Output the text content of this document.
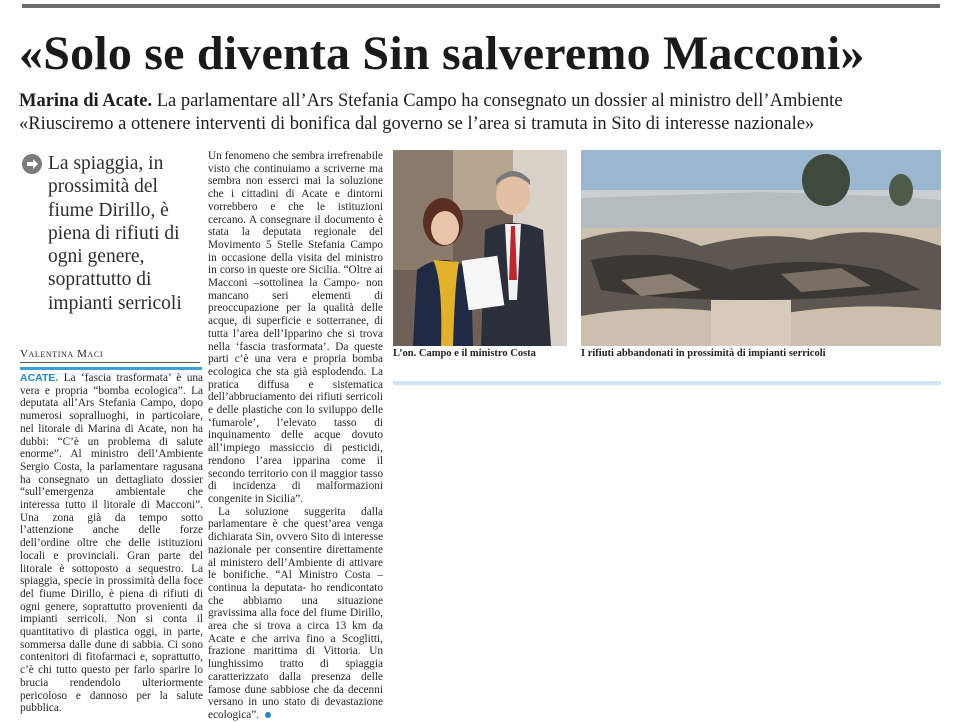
«Solo se diventa Sin salveremo Macconi»
Marina di Acate. La parlamentare all’Ars Stefania Campo ha consegnato un dossier al ministro dell’Ambiente
«Riusciremo a ottenere interventi di bonifica dal governo se l’area si tramuta in Sito di interesse nazionale»
La spiaggia, in prossimità del fiume Dirillo, è piena di rifiuti di ogni genere, soprattutto di impianti serricoli
Valentina Maci

ACATE. La ‘fascia trasformata’ è una vera e propria “bomba ecologica”. La deputata all’Ars Stefania Campo, dopo numerosi sopralluoghi, in particolare, nel litorale di Marina di Acate, non ha dubbi: “C’è un problema di salute enorme”. Al ministro dell’Ambiente Sergio Costa, la parlamentare ragusana ha consegnato un dettagliato dossier “sull’emergenza ambientale che interessa tutto il litorale di Macconi”. Una zona già da tempo sotto l’attenzione anche delle forze dell’ordine oltre che delle istituzioni locali e provinciali. Gran parte del litorale è sottoposto a sequestro. La spiaggia, specie in prossimità della foce del fiume Dirillo, è piena di rifiuti di ogni genere, soprattutto provenienti da impianti serricoli. Non si conta il quantitativo di plastica oggi, in parte, sommersa dalle dune di sabbia. Ci sono contenitori di fitofarmaci e, soprattutto, c’è chi tutto questo per farlo sparire lo brucia rendendolo ulteriormente pericoloso e dannoso per la salute pubblica.

Un fenomeno che sembra irrefrenabile visto che continuiamo a scriverne ma sembra non esserci mai la soluzione che i cittadini di Acate e dintorni vorrebbero e che le istituzioni cercano. A consegnare il documento è stata la deputata regionale del Movimento 5 Stelle Stefania Campo in occasione della visita del ministro in corso in queste ore Sicilia. “Oltre ai Macconi –sottolinea la Campo- non mancano seri elementi di preoccupazione per la qualità delle acque, di superficie e sotterranee, di tutta l’area dell’Ipparino che si trova nella ‘fascia trasformata’. Da queste parti c’è una vera e propria bomba ecologica che sta già esplodendo. La pratica diffusa e sistematica dell’abbruciamento dei rifiuti serricoli e delle plastiche con lo sviluppo delle ‘fumarole’, l’elevato tasso di inquinamento delle acque dovuto all’impiego massiccio di pesticidi, rendono l’area ipparina come il secondo territorio con il maggior tasso di incidenza di malformazioni congenite in Sicilia”.

La soluzione suggerita dalla parlamentare è che quest’area venga dichiarata Sin, ovvero Sito di interesse nazionale per consentire direttamente al ministero dell’Ambiente di attivare le bonifiche. “Al Ministro Costa –continua la deputata- ho rendicontato che abbiamo una situazione gravissima alla foce del fiume Dirillo, area che si trova a circa 13 km da Acate e che arriva fino a Scoglitti, frazione marittima di Vittoria. Un lunghissimo tratto di spiaggia caratterizzato dalla presenza delle famose dune sabbiose che da decenni versano in uno stato di devastazione ecologica”.

L’on. Campo e il ministro Costa	I rifiuti abbandonati in prossimità di impianti serricoli
